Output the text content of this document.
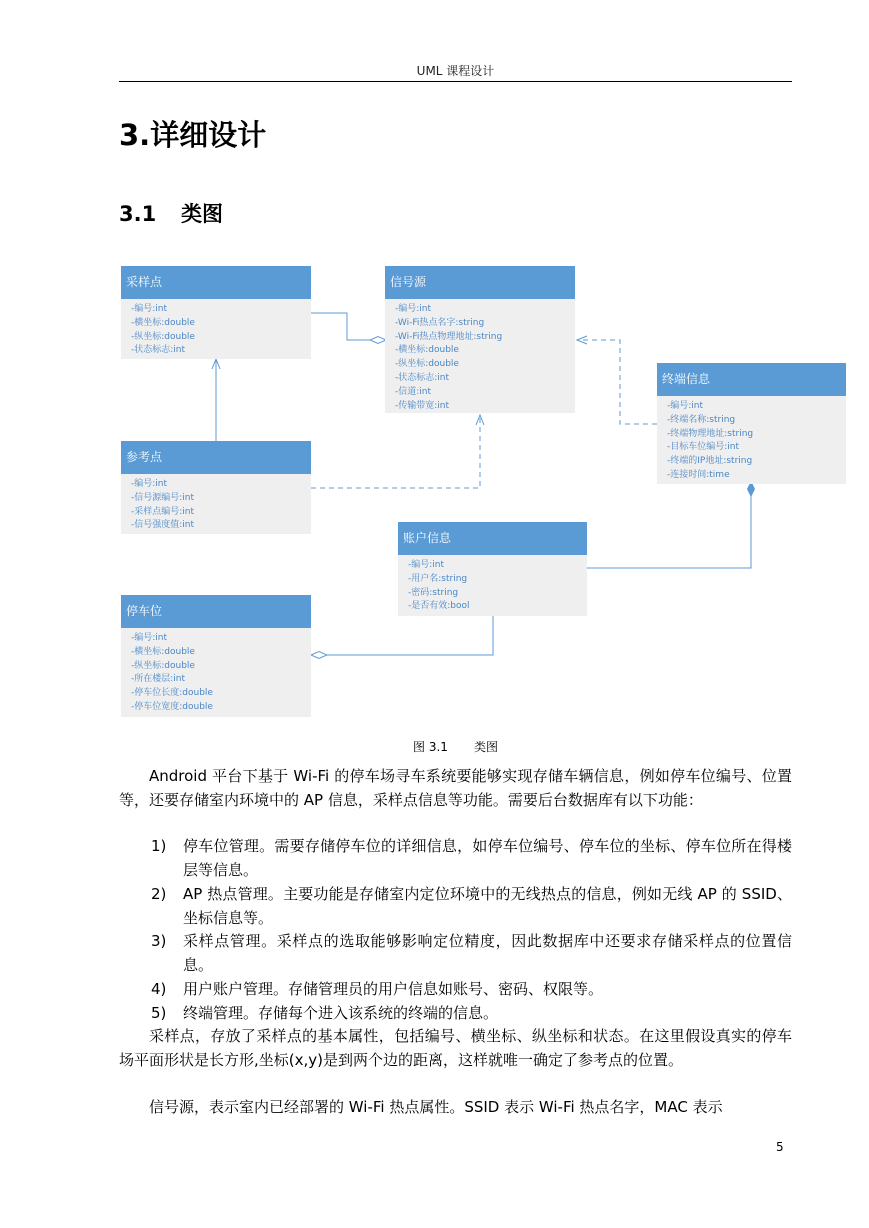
UML 课程设计
3.详细设计
3.1 类图
采样点
-编号:int
-横坐标:double
-纵坐标:double
-状态标志:int
信号源
-编号:int
-Wi-Fi热点名字:string
-Wi-Fi热点物理地址:string
-横坐标:double
-纵坐标:double
-状态标志:int
-信道:int
-传输带宽:int
终端信息
-编号:int
-终端名称:string
-终端物理地址:string
-目标车位编号:int
-终端的IP地址:string
-连接时间:time
参考点
-编号:int
-信号源编号:int
-采样点编号:int
-信号强度值:int
账户信息
-编号:int
-用户名:string
-密码:string
-是否有效:bool
停车位
-编号:int
-横坐标:double
-纵坐标:double
-所在楼层:int
-停车位长度:double
-停车位宽度:double
图 3.1 类图
Android 平台下基于 Wi-Fi 的停车场寻车系统要能够实现存储车辆信息，例如停车位编号、位置等，还要存储室内环境中的 AP 信息，采样点信息等功能。需要后台数据库有以下功能：
1) 停车位管理。需要存储停车位的详细信息，如停车位编号、停车位的坐标、停车位所在得楼层等信息。
2) AP 热点管理。主要功能是存储室内定位环境中的无线热点的信息，例如无线 AP 的 SSID、坐标信息等。
3) 采样点管理。采样点的选取能够影响定位精度，因此数据库中还要求存储采样点的位置信息。
4) 用户账户管理。存储管理员的用户信息如账号、密码、权限等。
5) 终端管理。存储每个进入该系统的终端的信息。
采样点，存放了采样点的基本属性，包括编号、横坐标、纵坐标和状态。在这里假设真实的停车场平面形状是长方形,坐标(x,y)是到两个边的距离，这样就唯一确定了参考点的位置。
信号源，表示室内已经部署的 Wi-Fi 热点属性。SSID 表示 Wi-Fi 热点名字，MAC 表示
5
